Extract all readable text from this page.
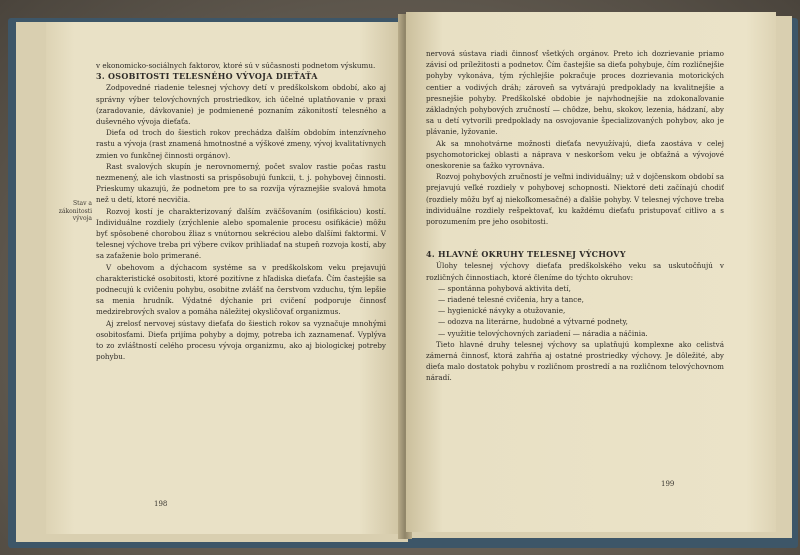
v ekonomicko-sociálnych faktorov, ktoré sú v súčasnosti podnetom výskumu.

3. OSOBITOSTI TELESNÉHO VÝVOJA DIEŤAŤA

Zodpovedné riadenie telesnej výchovy detí v predškolskom období, ako aj správny výber telovýchovných prostriedkov, ich účelné uplatňovanie v praxi (zaradovanie, dávkovanie) je podmienené poznaním zákonitostí telesného a duševného vývoja dieťaťa.

Dieťa od troch do šiestich rokov prechádza ďalším obdobím intenzívneho rastu a vývoja (rast znamená hmotnostné a výškové zmeny, vývoj kvalitatívnych zmien vo funkčnej činnosti orgánov).

Rast svalových skupín je nerovnomerný, počet svalov rastie počas rastu nezmenený, ale ich vlastnosti sa prispôsobujú funkcii, t. j. pohybovej činnosti. Prieskumy ukazujú, že podnetom pre to sa rozvíja výraznejšie svalová hmota než u detí, ktoré necvičia.

Rozvoj kostí je charakterizovaný ďalším zväčšovaním (osifikáciou) kostí. Individuálne rozdiely (zrýchlenie alebo spomalenie procesu osifikácie) môžu byť spôsobené chorobou žliaz s vnútornou sekréciou alebo ďalšími faktormi. V telesnej výchove treba pri výbere cvikov prihliadať na stupeň rozvoja kostí, aby sa zaťaženie bolo primerané.

V obehovom a dýchacom systéme sa v predškolskom veku prejavujú charakteristické osobitosti, ktoré pozitívne z hľadiska dieťaťa. Čím častejšie sa podnecujú k cvičeniu pohybu, osobitne zvlášť na čerstvom vzduchu, tým lepšie sa menia hrudník. Výdatné dýchanie pri cvičení podporuje činnosť medzirebrových svalov a pomáha náležitej okysličovať organizmus.

Aj zrelosť nervovej sústavy dieťaťa do šiestich rokov sa vyznačuje mnohými osobitosťami. Dieťa prijíma pohyby a dojmy, potreba ich zaznamenať. Vyplýva to zo zvláštností celého procesu vývoja organizmu, ako aj biologickej potreby pohybu.

Stav a zákonitosti vývoja
198

nervová sústava riadi činnosť všetkých orgánov. Preto ich dozrievanie priamo závisí od príležitosti a podnetov. Čím častejšie sa dieťa pohybuje, čím rozličnejšie pohyby vykonáva, tým rýchlejšie pokračuje proces dozrievania motorických centier a vodivých dráh; zároveň sa vytvárajú predpoklady na kvalitnejšie a presnejšie pohyby. Predškolské obdobie je najvhodnejšie na zdokonaľovanie základných pohybových zručností — chôdze, behu, skokov, lezenia, hádzaní, aby sa u detí vytvorili predpoklady na osvojovanie špecializovaných pohybov, ako je plávanie, lyžovanie.

Ak sa mnohotvárne možnosti dieťaťa nevyužívajú, dieťa zaostáva v celej psychomotorickej oblasti a náprava v neskoršom veku je obťažná a vývojové oneskorenie sa ťažko vyrovnáva.

Rozvoj pohybových zručností je veľmi individuálny; už v dojčenskom období sa prejavujú veľké rozdiely v pohybovej schopnosti. Niektoré deti začínajú chodiť (rozdiely môžu byť aj niekoľkomesačné) a ďalšie pohyby. V telesnej výchove treba individuálne rozdiely rešpektovať, ku každému dieťaťu pristupovať citlivo a s porozumením pre jeho osobitosti.

4. HLAVNÉ OKRUHY TELESNEJ VÝCHOVY

Úlohy telesnej výchovy dieťaťa predškolského veku sa uskutočňujú v rozličných činnostiach, ktoré členíme do týchto okruhov:

— spontánna pohybová aktivita detí,
— riadené telesné cvičenia, hry a tance,
— hygienické návyky a otužovanie,
— odozva na literárne, hudobné a výtvarné podnety,
— využitie telovýchovných zariadení — náradia a náčinia.

Tieto hlavné druhy telesnej výchovy sa uplatňujú komplexne ako celistvá zámerná činnosť, ktorá zahŕňa aj ostatné prostriedky výchovy. Je dôležité, aby dieťa malo dostatok pohybu v rozličnom prostredí a na rozličnom telovýchovnom náradí.

199
